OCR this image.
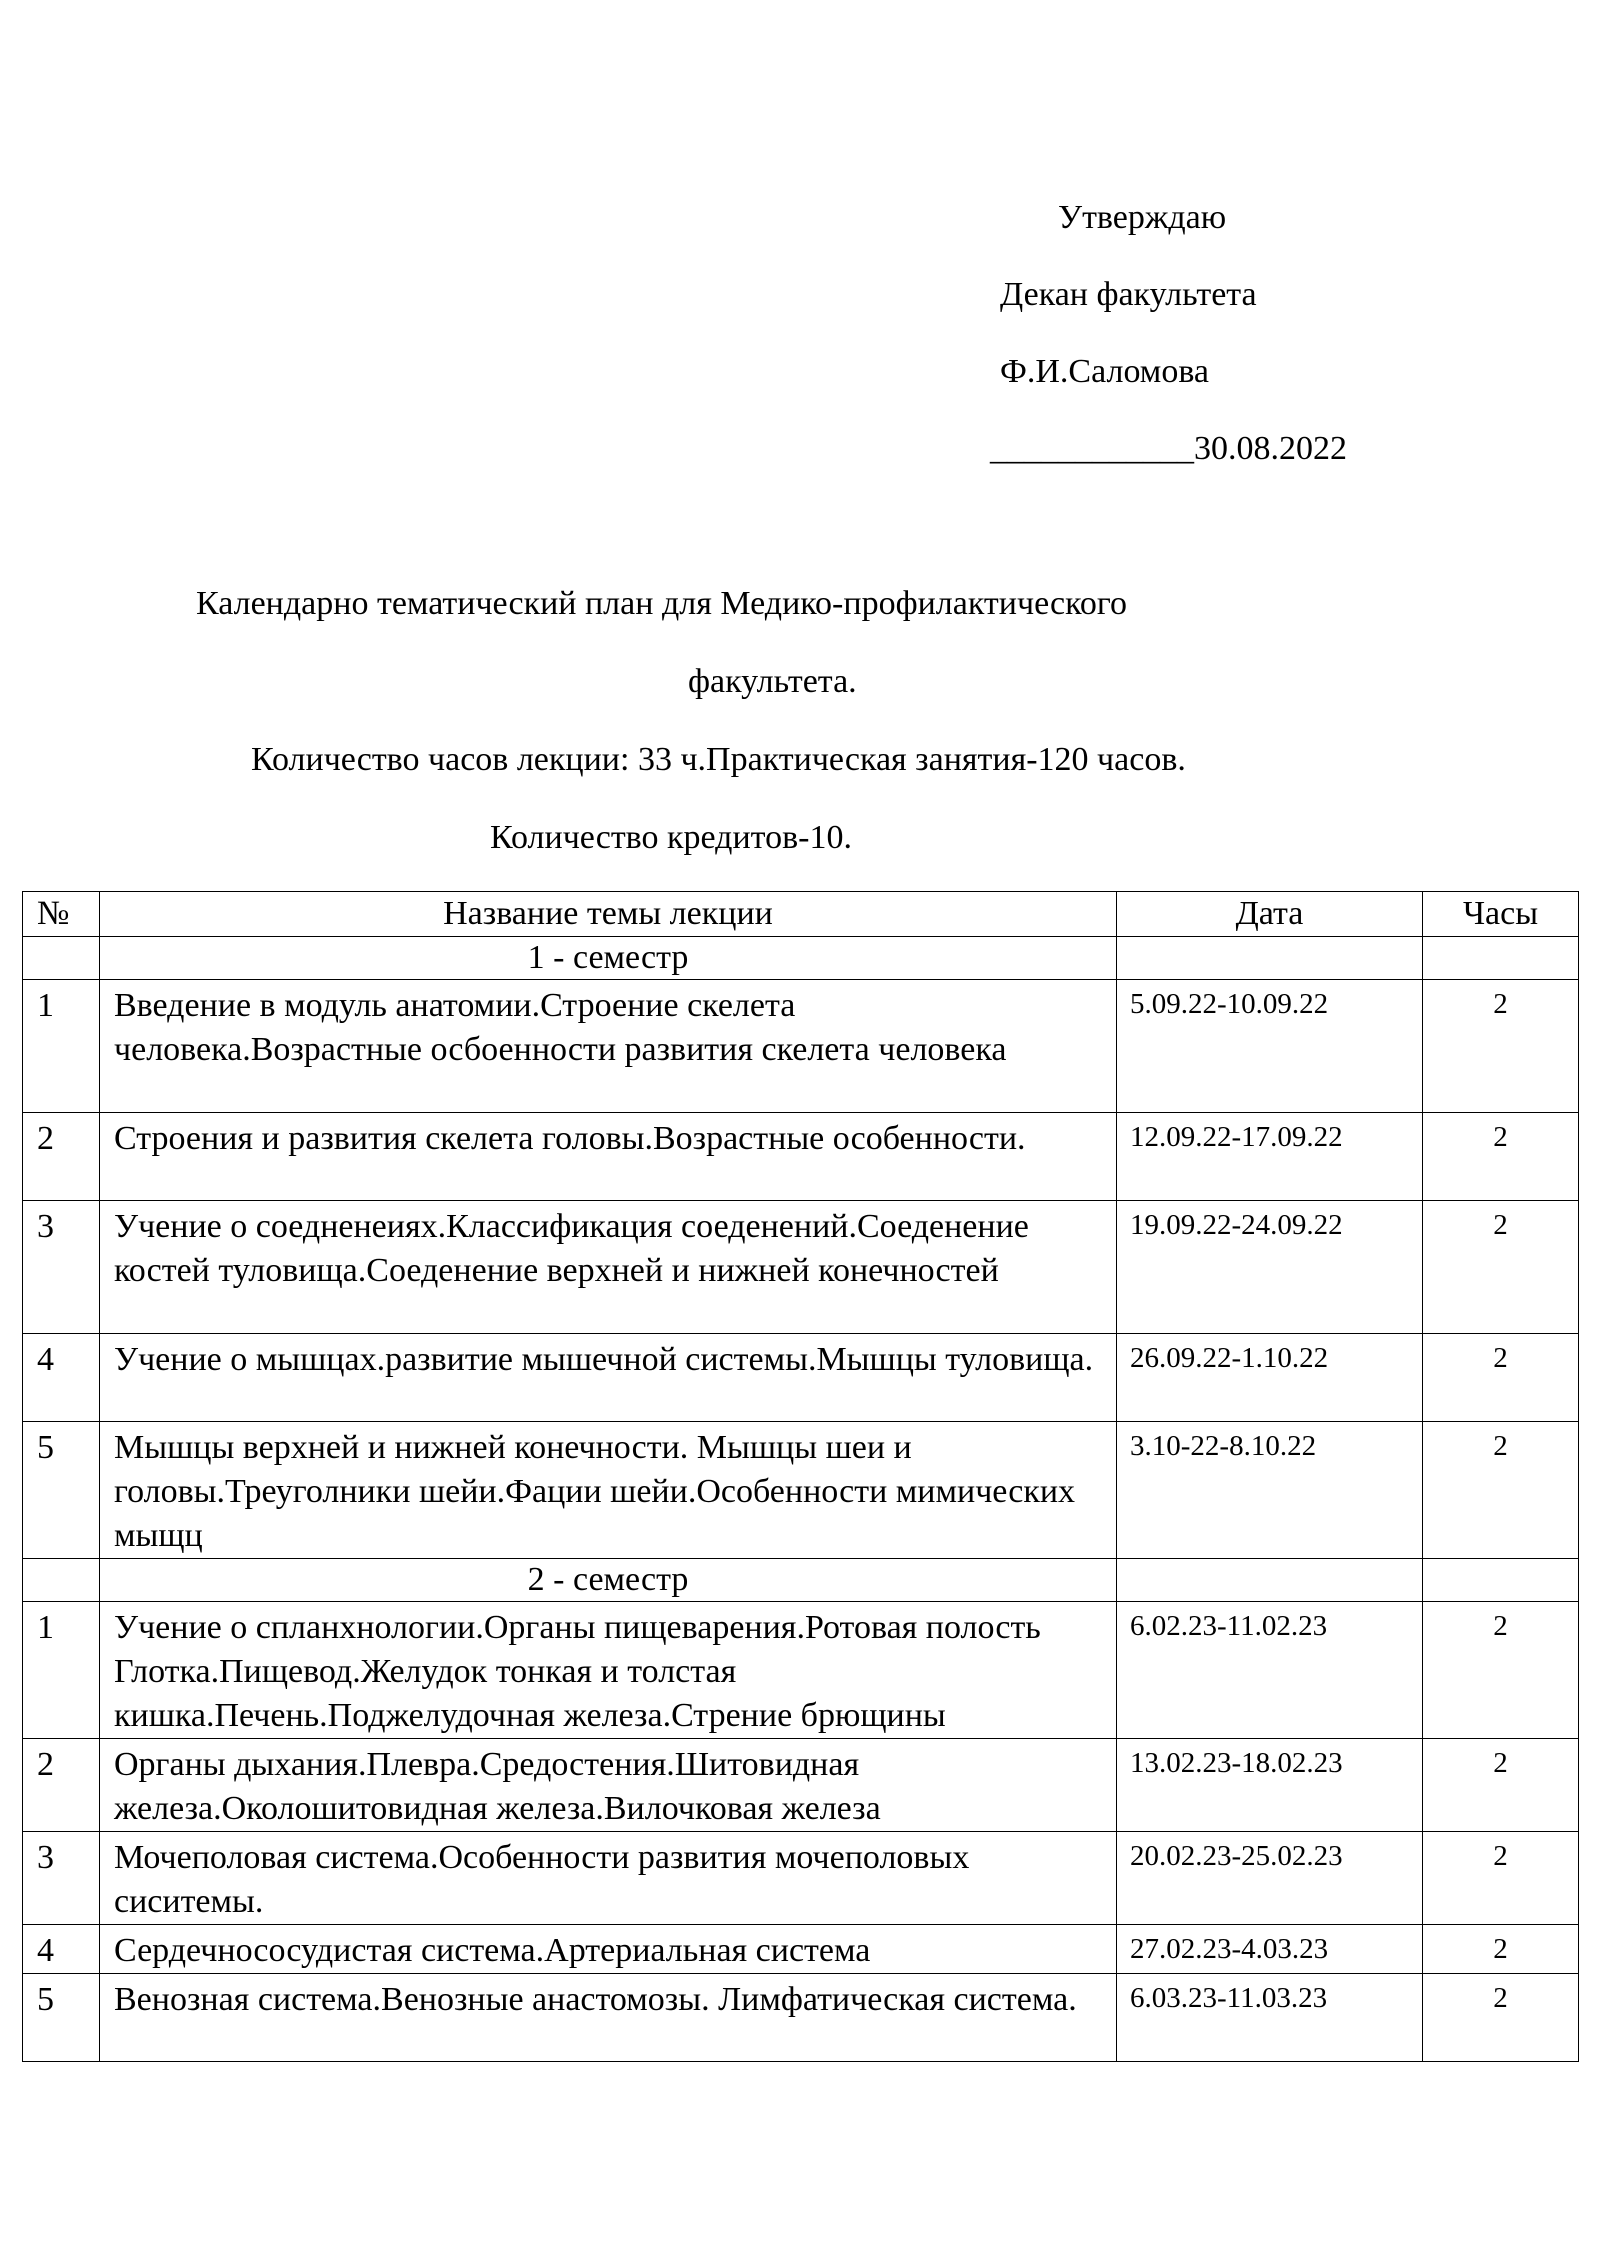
Утверждаю
Декан факультета
Ф.И.Саломова
____________30.08.2022
Календарно тематический план для Медико-профилактического
факультета.
Количество часов лекции: 33 ч.Практическая занятия-120 часов.
Количество кредитов-10.
№	Название темы лекции	Дата	Часы
	1 - семестр		
1	Введение в модуль анатомии.Строение скелета человека.Возрастные осбоенности развития скелета человека	5.09.22-10.09.22	2
2	Строения и развития скелета головы.Возрастные особенности.	12.09.22-17.09.22	2
3	Учение о соедненеиях.Классификация соеденений.Соеденение костей туловища.Соеденение верхней и нижней конечностей	19.09.22-24.09.22	2
4	Учение о мышцах.развитие мышечной системы.Мышцы туловища.	26.09.22-1.10.22	2
5	Мышцы верхней и нижней конечности. Мышцы шеи и головы.Треуголники шейи.Фации шейи.Особенности мимических мыщц	3.10-22-8.10.22	2
	2 - семестр		
1	Учение о спланхнологии.Органы пищеварения.Ротовая полость Глотка.Пищевод.Желудок тонкая и толстая кишка.Печень.Поджелудочная железа.Стрение брющины	6.02.23-11.02.23	2
2	Органы дыхания.Плевра.Средостения.Шитовидная железа.Околошитовидная железа.Вилочковая железа	13.02.23-18.02.23	2
3	Мочеполовая система.Особенности развития мочеполовых сиситемы.	20.02.23-25.02.23	2
4	Сердечнососудистая система.Артериальная система	27.02.23-4.03.23	2
5	Венозная система.Венозные анастомозы. Лимфатическая система.	6.03.23-11.03.23	2
